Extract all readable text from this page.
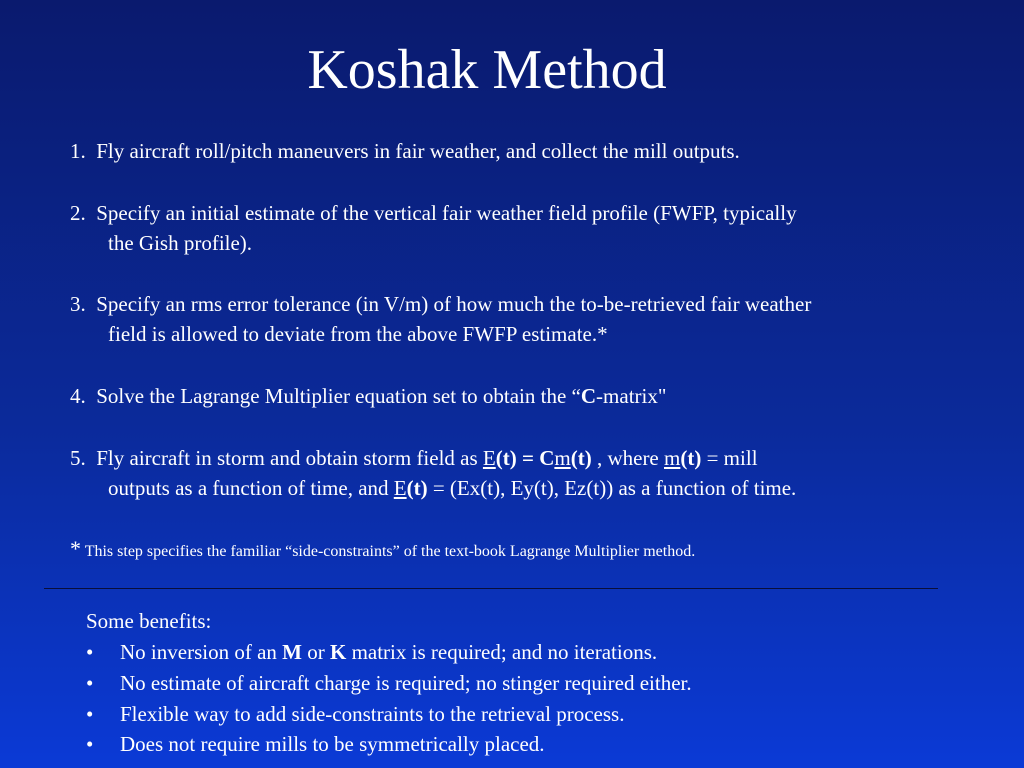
Koshak Method
1. Fly aircraft roll/pitch maneuvers in fair weather, and collect the mill outputs.
2. Specify an initial estimate of the vertical fair weather field profile (FWFP, typically
the Gish profile).
3. Specify an rms error tolerance (in V/m) of how much the to-be-retrieved fair weather
field is allowed to deviate from the above FWFP estimate.*
4. Solve the Lagrange Multiplier equation set to obtain the “C-matrix"
5. Fly aircraft in storm and obtain storm field as E(t) = Cm(t) , where m(t) = mill
outputs as a function of time, and E(t) = (Ex(t), Ey(t), Ez(t)) as a function of time.
* This step specifies the familiar “side-constraints” of the text-book Lagrange Multiplier method.
Some benefits:
• No inversion of an M or K matrix is required; and no iterations.
• No estimate of aircraft charge is required; no stinger required either.
• Flexible way to add side-constraints to the retrieval process.
• Does not require mills to be symmetrically placed.
